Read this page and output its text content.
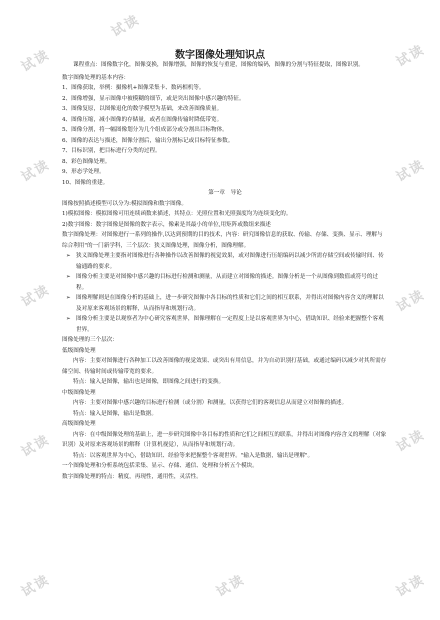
试读
试读
试读
试读	试读
试读	试读
试读	试读
试读	试读	试读
数字图像处理知识点

课程重点：图像数字化，图像变换，图像增强，图像的恢复与重建，图像的编码，图像的分割与特征提取，图像识别。

数字图像处理的基本内容：

1、图像获取，举例：摄像机+图像采集卡、数码相机等。

2、图像增强，显示图像中被模糊的细节，或是突出图像中感兴趣的特征。

3、图像复原，以图像退化的数学模型为基础，来改善图像质量。

4、图像压缩，减小图像的存储量，或者在图像传输时降低带宽。

5、图像分割，将一幅图像划分为几个组成部分或分割出目标物体。

6、图像的表达与描述，图像分割后，输出分割标记或目标特征参数。

7、目标识别，把目标进行分类的过程。

8、彩色图像处理。

9、形态学处理。

10、图像的重建。

第一章　导论

图像按照描述模型可以分为:模拟图像和数字图像。

1)模拟图像：模拟图像可用连续函数来描述，其特点：光照位置和光照强度均为连续变化的。

2)数字图像：数字图像是图像的数字表示，像素是其最小的单位,用矩阵或数组来描述

数字图像处理：对图像进行一系列的操作,以达到预期的目的技术，内容：研究图像信息的获取、传输、存储、变换、显示、理解与综合利用"的一门新学科，三个层次：狭义图像处理，图像分析，图像理解。

➢ 狭义图像处理主要指对图像进行各种操作以改善图像的视觉效果，或对图像进行压缩编码以减少所需存储空间或传输时间、传输通路的要求。

➢ 图像分析主要是对图像中感兴趣的目标进行检测和测量，从而建立对图像的描述。图像分析是一个从图像到数值或符号的过程。

➢ 图像理解则是在图像分析的基础上，进一步研究图像中各目标的性质和它们之间的相互联系，并得出对图像内容含义的理解以及对原来客观场景的解释，从而指导和规划行动。

➢ 图像分析主要是以观察者为中心研究客观世界，图像理解在一定程度上是以客观世界为中心，借助知识、经验来把握整个客观世界。

图像处理的三个层次：

低级图像处理

内容：主要对图像进行各种加工以改善图像的视觉效果、或突出有用信息，并为自动识别打基础，或通过编码以减少对其所需存储空间、传输时间或传输带宽的要求。

特点：输入是图像，输出也是图像，即图像之间进行的变换。

中级图像处理

内容：主要对图像中感兴趣的目标进行检测（或分割）和测量，以获得它们的客观信息从而建立对图像的描述。

特点：输入是图像，输出是数据。

高级图像处理

内容：在中级图像处理的基础上，进一步研究图像中各目标的性质和它们之间相互的联系，并得出对图像内容含义的理解（对象识别）及对原来客观场景的解释（计算机视觉），从而指导和规划行动。

特点：以客观世界为中心，借助知识、经验等来把握整个客观世界。"输入是数据，输出是理解"。

一个图像处理和分析系统包括采集、显示、存储、通信、处理和分析五个模块。

数字图像处理的特点：精度，再现性，通用性，灵活性。
